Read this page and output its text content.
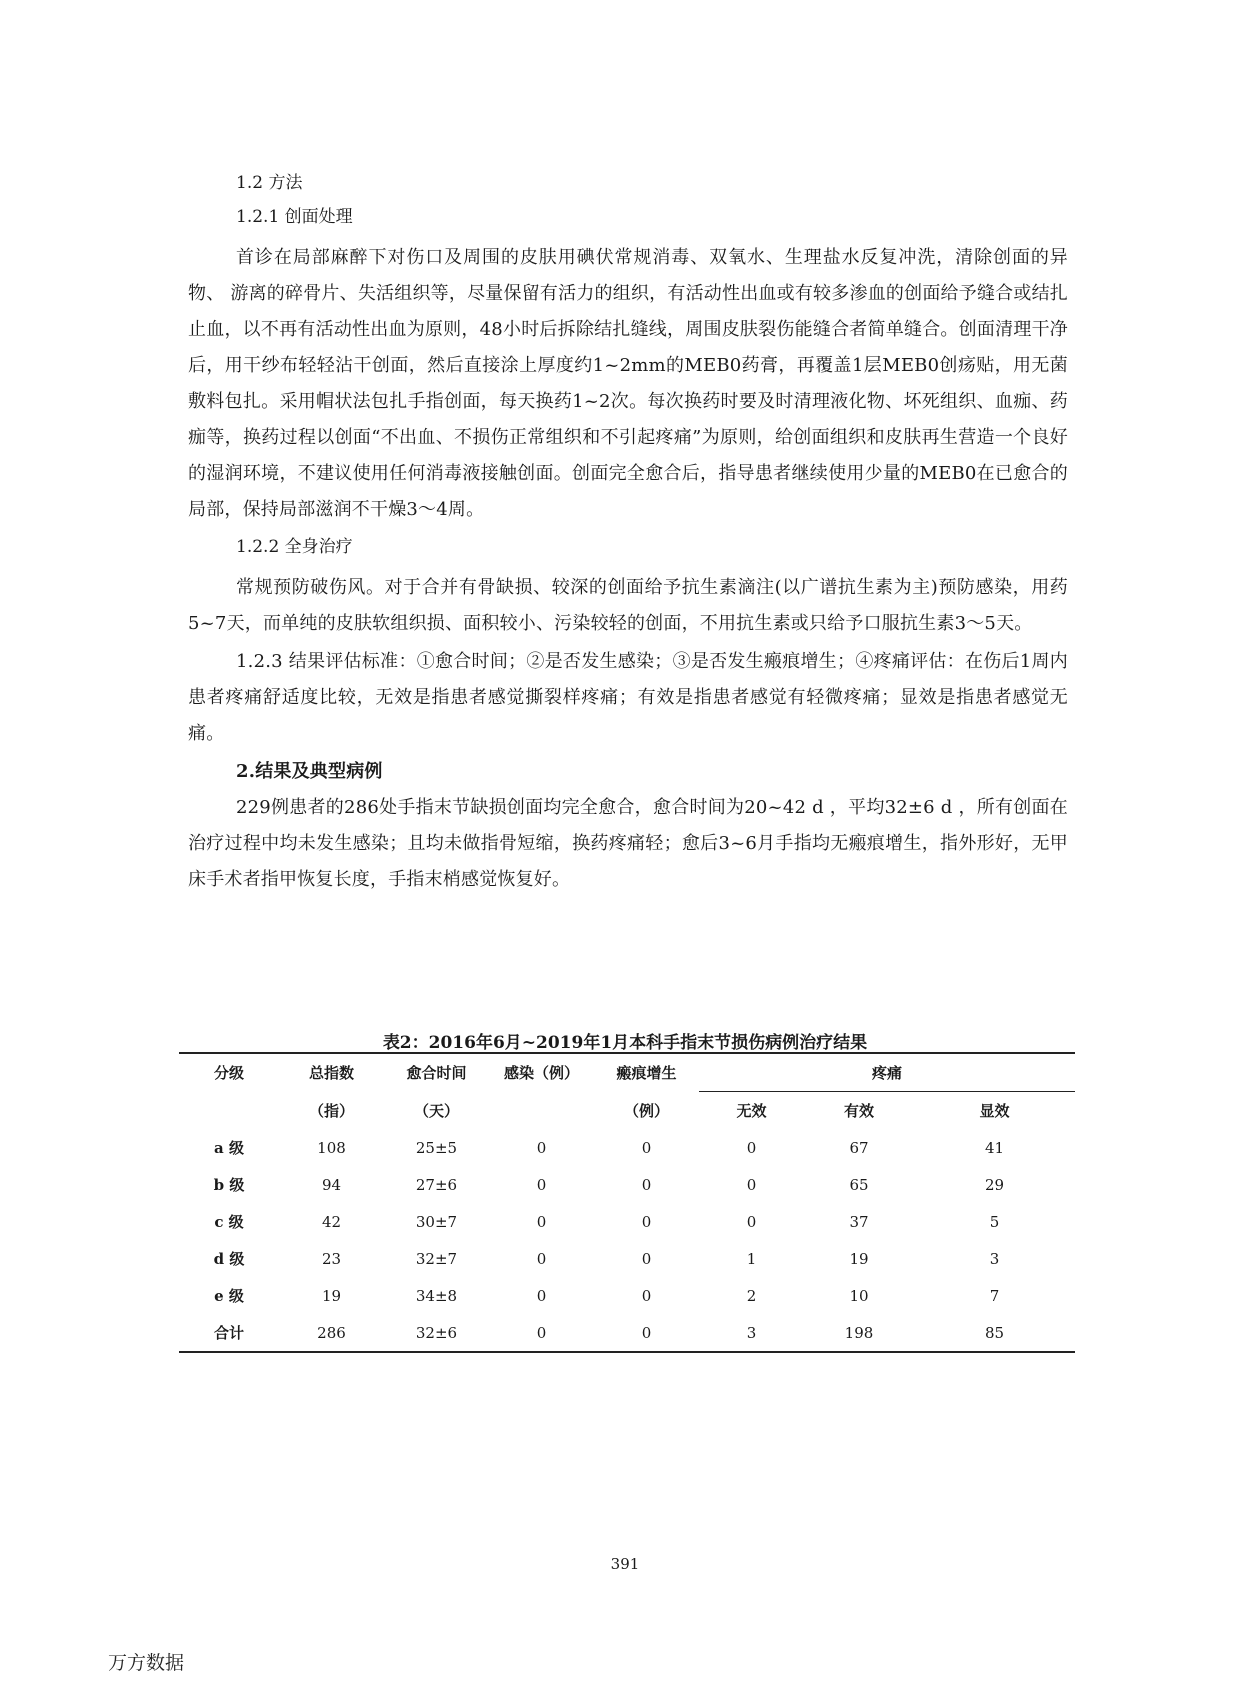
1.2 方法
1.2.1 创面处理

首诊在局部麻醉下对伤口及周围的皮肤用碘伏常规消毒、双氧水、生理盐水反复冲洗，清除创面的异物、 游离的碎骨片、失活组织等，尽量保留有活力的组织，有活动性出血或有较多渗血的创面给予缝合或结扎止血，以不再有活动性出血为原则，48小时后拆除结扎缝线，周围皮肤裂伤能缝合者简单缝合。创面清理干净后，用干纱布轻轻沾干创面，然后直接涂上厚度约1~2mm的MEB0药膏，再覆盖1层MEB0创疡贴，用无菌敷料包扎。采用帽状法包扎手指创面，每天换药1~2次。每次换药时要及时清理液化物、坏死组织、血痂、药痂等，换药过程以创面“不出血、不损伤正常组织和不引起疼痛”为原则，给创面组织和皮肤再生营造一个良好的湿润环境，不建议使用任何消毒液接触创面。创面完全愈合后，指导患者继续使用少量的MEB0在已愈合的局部，保持局部滋润不干燥3～4周。

1.2.2 全身治疗

常规预防破伤风。对于合并有骨缺损、较深的创面给予抗生素滴注(以广谱抗生素为主)预防感染，用药5~7天，而单纯的皮肤软组织损、面积较小、污染较轻的创面，不用抗生素或只给予口服抗生素3～5天。

1.2.3 结果评估标准：①愈合时间；②是否发生感染；③是否发生瘢痕增生；④疼痛评估：在伤后1周内患者疼痛舒适度比较，无效是指患者感觉撕裂样疼痛；有效是指患者感觉有轻微疼痛；显效是指患者感觉无痛。

2.结果及典型病例

229例患者的286处手指末节缺损创面均完全愈合，愈合时间为20~42 d ，平均32±6 d ，所有创面在治疗过程中均未发生感染；且均未做指骨短缩，换药疼痛轻；愈后3~6月手指均无瘢痕增生，指外形好，无甲床手术者指甲恢复长度，手指末梢感觉恢复好。

表2：2016年6月~2019年1月本科手指末节损伤病例治疗结果
分级	总指数	愈合时间	感染（例）	瘢痕增生	疼痛		
	（指）	（天）		（例）	无效	有效	显效
a 级	108	25±5	0	0	0	67	41
b 级	94	27±6	0	0	0	65	29
c 级	42	30±7	0	0	0	37	5
d 级	23	32±7	0	0	1	19	3
e 级	19	34±8	0	0	2	10	7
合计	286	32±6	0	0	3	198	85
391
万方数据
